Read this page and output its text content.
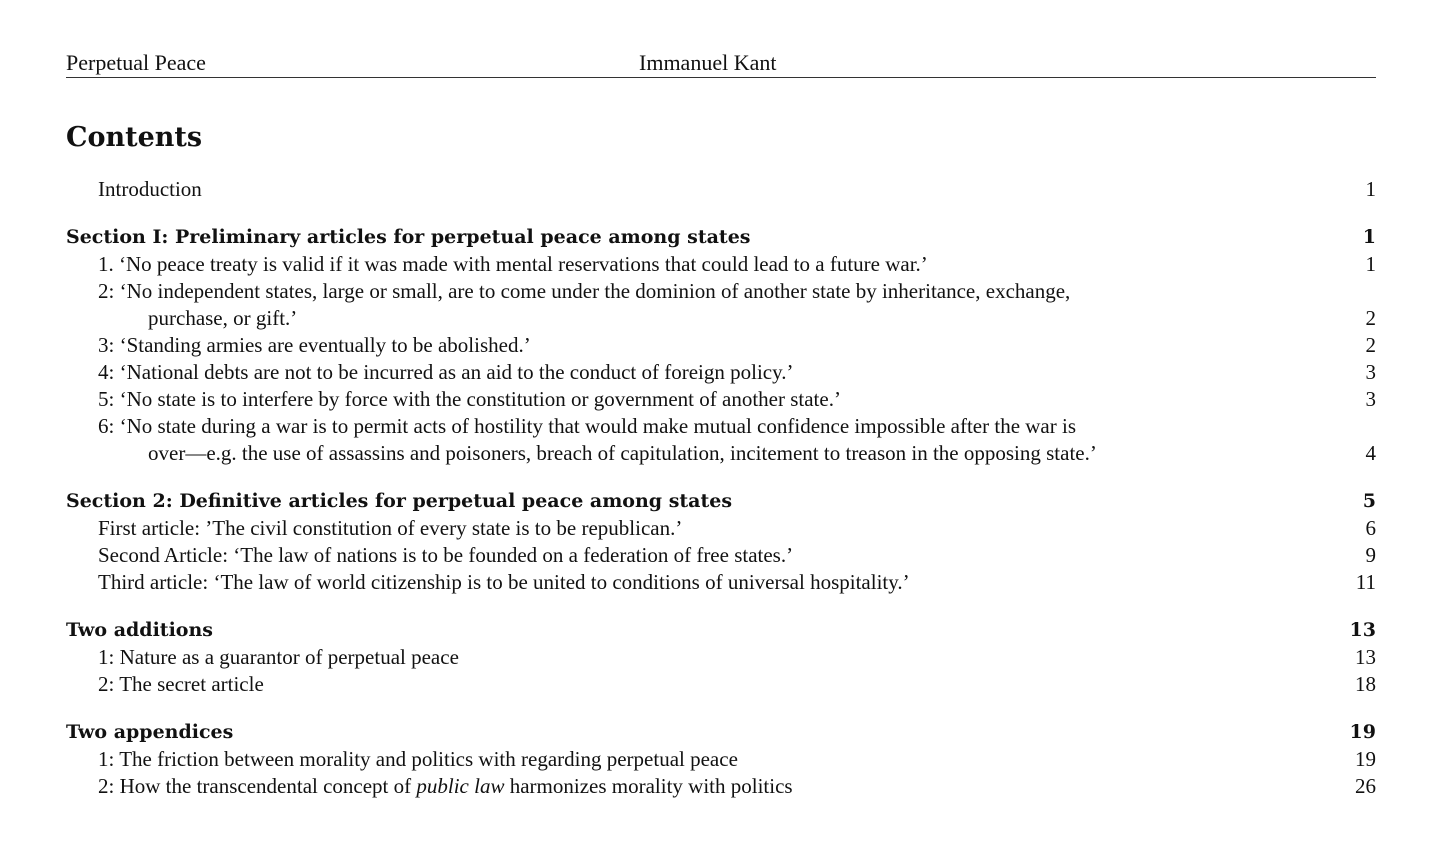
Perpetual Peace	Immanuel Kant
Contents
Introduction	1
Section I: Preliminary articles for perpetual peace among states	1
1. ‘No peace treaty is valid if it was made with mental reservations that could lead to a future war.’	1
2: ‘No independent states, large or small, are to come under the dominion of another state by inheritance, exchange,
purchase, or gift.’	2
3: ‘Standing armies are eventually to be abolished.’	2
4: ‘National debts are not to be incurred as an aid to the conduct of foreign policy.’	3
5: ‘No state is to interfere by force with the constitution or government of another state.’	3
6: ‘No state during a war is to permit acts of hostility that would make mutual confidence impossible after the war is
over—e.g. the use of assassins and poisoners, breach of capitulation, incitement to treason in the opposing state.’	4
Section 2: Definitive articles for perpetual peace among states	5
First article: ’The civil constitution of every state is to be republican.’	6
Second Article: ‘The law of nations is to be founded on a federation of free states.’	9
Third article: ‘The law of world citizenship is to be united to conditions of universal hospitality.’	11
Two additions	13
1: Nature as a guarantor of perpetual peace	13
2: The secret article	18
Two appendices	19
1: The friction between morality and politics with regarding perpetual peace	19
2: How the transcendental concept of public law harmonizes morality with politics	26
